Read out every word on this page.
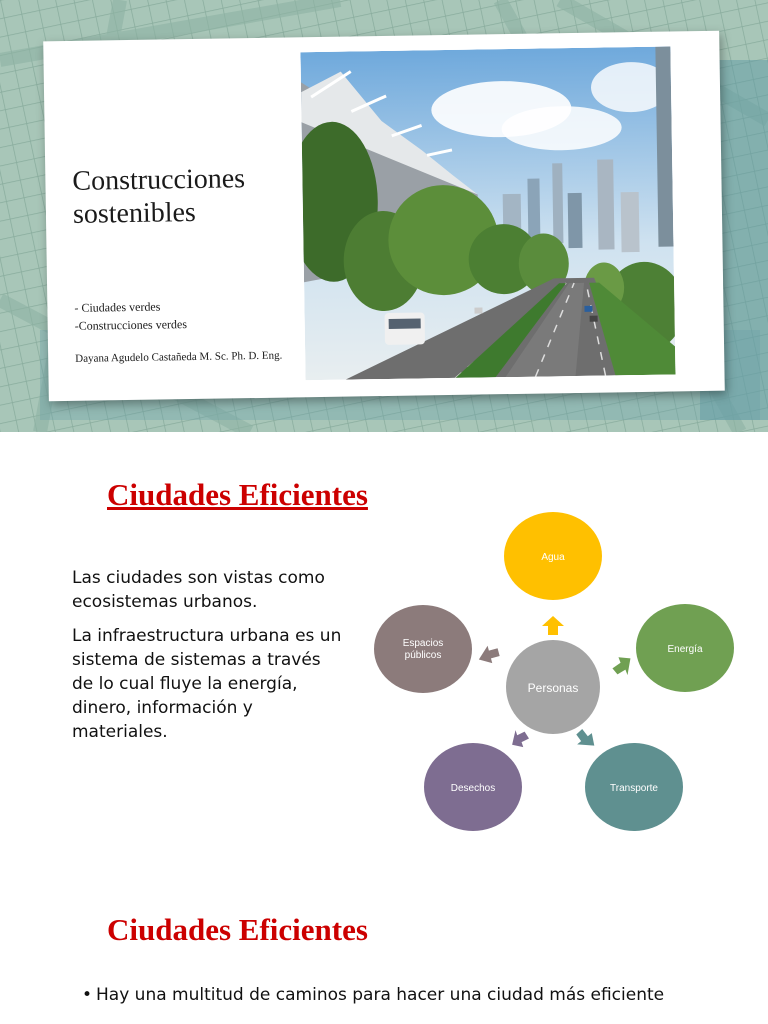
Construcciones sostenibles
- Ciudades verdes
-Construcciones verdes
Dayana Agudelo Castañeda M. Sc. Ph. D. Eng.
Ciudades Eficientes

Las ciudades son vistas como ecosistemas urbanos.

La infraestructura urbana es un sistema de sistemas a través de lo cual fluye la energía, dinero, información y materiales.

Personas
Agua
Energía
Transporte
Desechos
Espacios
públicos
Ciudades Eficientes
• Hay una multitud de caminos para hacer una ciudad más eficiente
